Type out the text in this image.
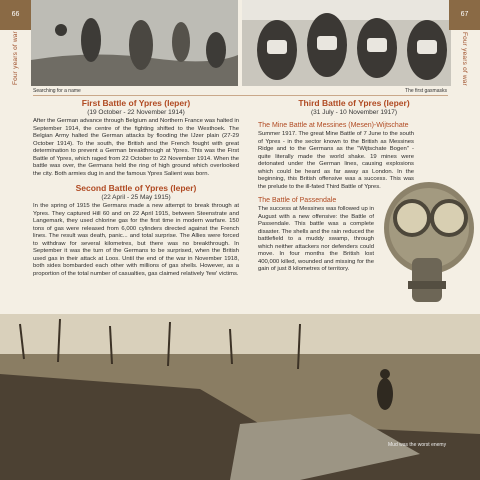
66	67
Four years of war	Four years of war
Searching for a name	The first gasmasks
First Battle of Ypres (Ieper)
(19 October - 22 November 1914)
After the German advance through Belgium and Northern France was halted in September 1914, the centre of the fighting shifted to the Westhoek. The Belgian Army halted the German attacks by flooding the IJzer plain (27-29 October 1914). To the south, the British and the French fought with great determination to prevent a German breakthrough at Ypres. This was the First Battle of Ypres, which raged from 22 October to 22 November 1914. When the battle was over, the Germans held the ring of high ground which overlooked the city. Both armies dug in and the famous Ypres Salient was born.
Second Battle of Ypres (Ieper)
(22 April - 25 May 1915)
In the spring of 1915 the Germans made a new attempt to break through at Ypres. They captured Hill 60 and on 22 April 1915, between Steenstrate and Langemark, they used chlorine gas for the first time in modern warfare. 150 tons of gas were released from 6,000 cylinders directed against the French lines. The result was death, panic... and total surprise. The Allies were forced to withdraw for several kilometres, but there was no breakthrough. In September it was the turn of the Germans to be surprised, when the British used gas in their attack at Loos. Until the end of the war in November 1918, both sides bombarded each other with millions of gas shells. However, as a proportion of the total number of casualties, gas claimed relatively 'few' victims.
Third Battle of Ypres (Ieper)
(31 July - 10 November 1917)
The Mine Battle at Messines (Mesen)-Wijtschate
Summer 1917. The great Mine Battle of 7 June to the south of Ypres - in the sector known to the British as Messines Ridge and to the Germans as the "Wijtschate Bogen" - quite literally made the world shake. 19 mines were detonated under the German lines, causing explosions which could be heard as far away as London. In the beginning, this British offensive was a success. This was the prelude to the ill-fated Third Battle of Ypres.
The Battle of Passendale
The success at Messines was followed up in August with a new offensive: the Battle of Passendale. This battle was a complete disaster. The shells and the rain reduced the battlefield to a muddy swamp, through which neither attackers nor defenders could move. In four months the British lost 400,000 killed, wounded and missing for the gain of just 8 kilometres of territory.
Mud was the worst enemy
